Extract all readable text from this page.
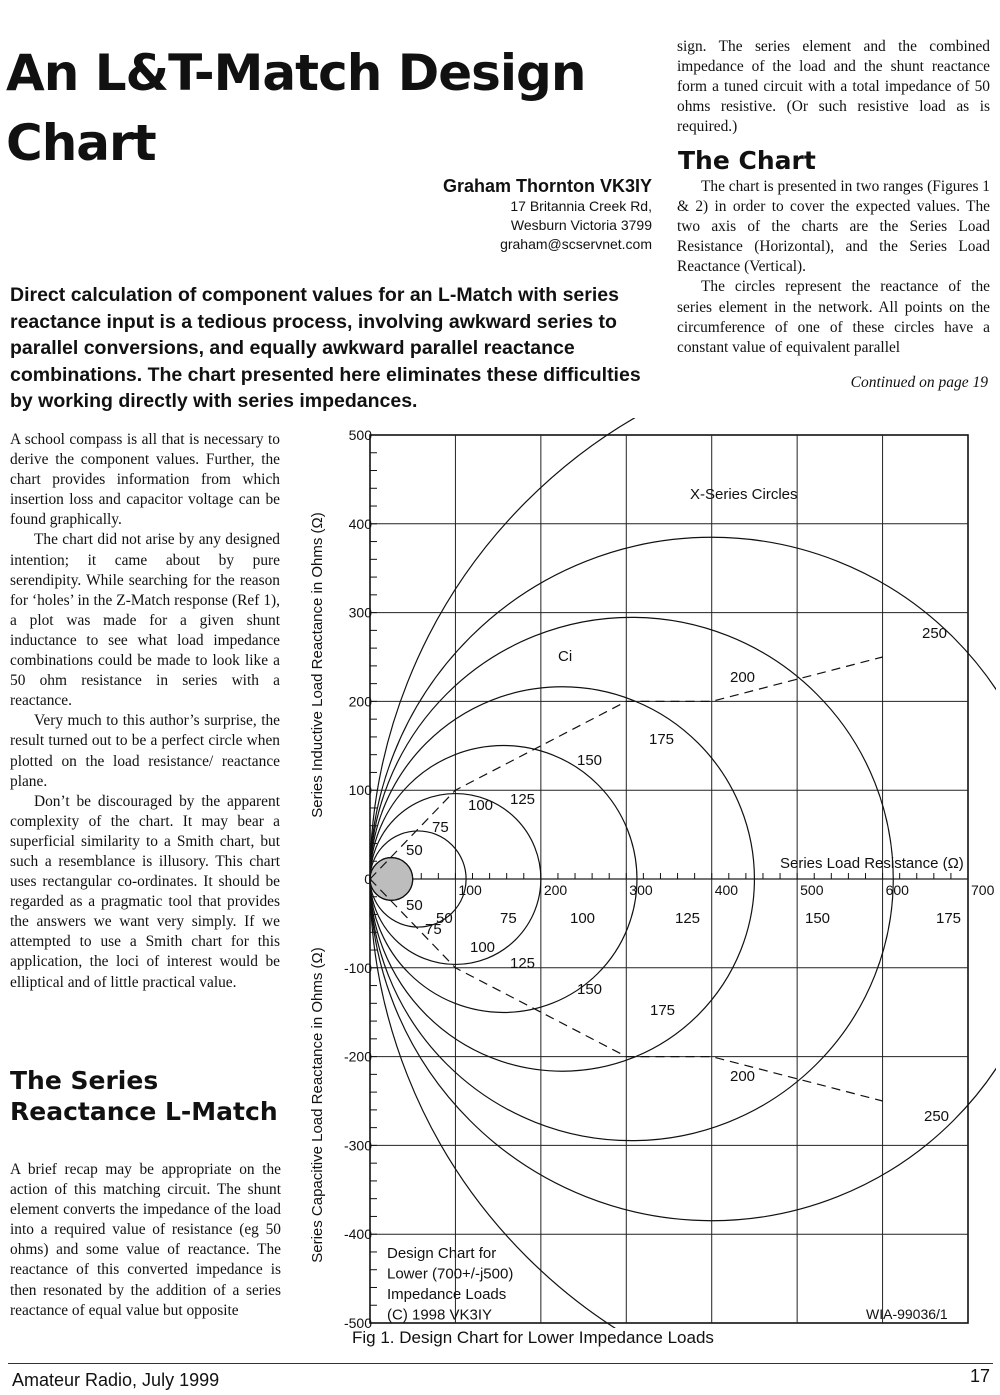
An L&T-Match Design Chart
Graham Thornton VK3IY
17 Britannia Creek Rd,
Wesburn Victoria 3799
graham@scservnet.com

Direct calculation of component values for an L-Match with series reactance input is a tedious process, involving awkward series to parallel conversions, and equally awkward parallel reactance combinations. The chart presented here eliminates these difficulties by working directly with series impedances.

A school compass is all that is necessary to derive the component values. Further, the chart provides information from which insertion loss and capacitor voltage can be found graphically.

The chart did not arise by any designed intention; it came about by pure serendipity. While searching for the reason for ‘holes’ in the Z-Match response (Ref 1), a plot was made for a given shunt inductance to see what load impedance combinations could be made to look like a 50 ohm resistance in series with a reactance.

Very much to this author’s surprise, the result turned out to be a perfect circle when plotted on the load resistance/ reactance plane.

Don’t be discouraged by the apparent complexity of the chart. It may bear a superficial similarity to a Smith chart, but such a resemblance is illusory. This chart uses rectangular co-ordinates. It should be regarded as a pragmatic tool that provides the answers we want very simply. If we attempted to use a Smith chart for this application, the loci of interest would be elliptical and of little practical value.

The Series Reactance L-Match

A brief recap may be appropriate on the action of this matching circuit. The shunt element converts the impedance of the load into a required value of resistance (eg 50 ohms) and some value of reactance. The reactance of this converted impedance is then resonated by the addition of a series reactance of equal value but opposite

sign. The series element and the combined impedance of the load and the shunt reactance form a tuned circuit with a total impedance of 50 ohms resistive. (Or such resistive load as is required.)

The Chart

The chart is presented in two ranges (Figures 1 & 2) in order to cover the expected values. The two axis of the charts are the Series Load Resistance (Horizontal), and the Series Load Reactance (Vertical).

The circles represent the reactance of the series element in the network. All points on the circumference of one of these circles have a constant value of equivalent parallel

Continued on page 19
500
400
300
200
100
0
-100
-200
-300
-400
-500
100	200	300	400	500	600	700
Series Load Resistance (Ω)
Series Inductive Load Reactance in Ohms (Ω)
Series Capacitive Load Reactance in Ohms (Ω)
X-Series Circles
Ci
50
75
100 125
150
175
200
250
50
50
75
75
100
100
125
150
175
200
125	150	175
250
Design Chart for
Lower (700+/-j500)
Impedance Loads
(C) 1998 VK3IY	WIA-99036/1
Fig 1. Design Chart for Lower Impedance Loads
Amateur Radio, July 1999	17
